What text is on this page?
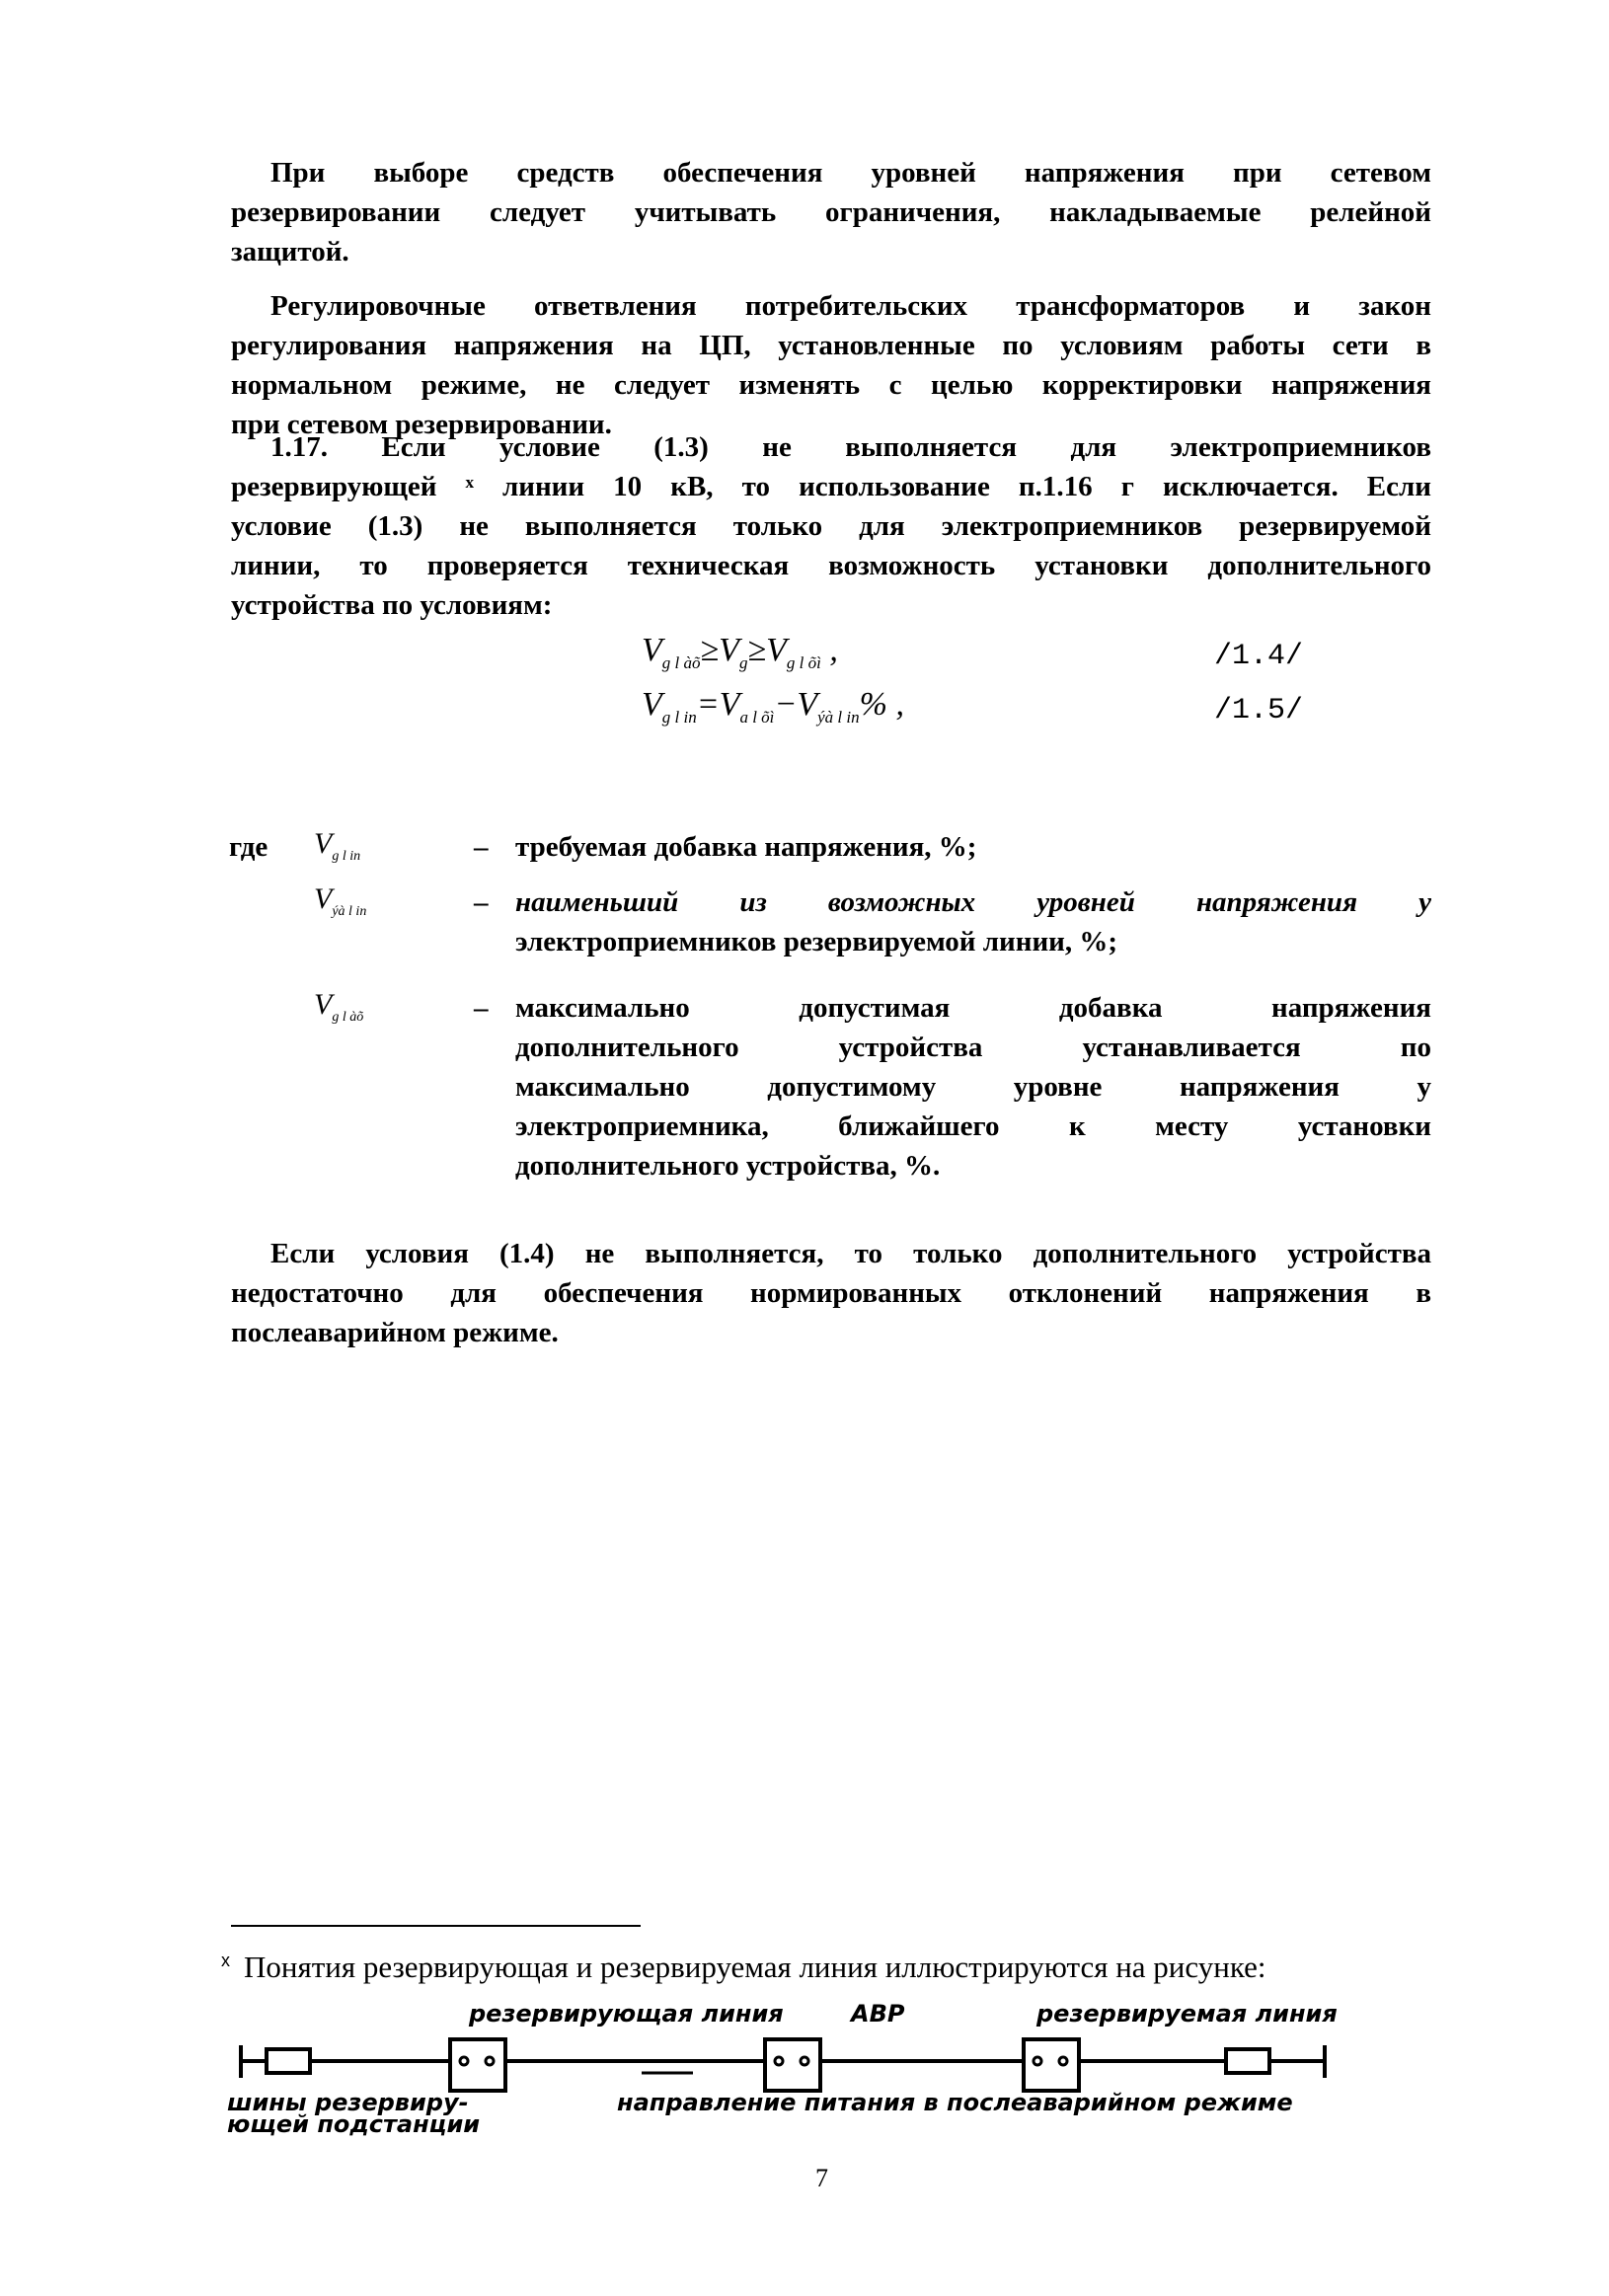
При выборе средств обеспечения уровней напряжения при сетевом
резервировании следует учитывать ограничения, накладываемые релейной
защитой.
Регулировочные ответвления потребительских трансформаторов и закон
регулирования напряжения на ЦП, установленные по условиям работы сети в
нормальном режиме, не следует изменять с целью корректировки напряжения
при сетевом резервировании.
1.17. Если условие (1.3) не выполняется для электроприемников
резервирующей ˣ линии 10 кВ, то использование п.1.16 г исключается. Если
условие (1.3) не выполняется только для электроприемников резервируемой
линии, то проверяется техническая возможность установки дополнительного
устройства по условиям:
$V_{g l àõ}\ge V_g\ge V_{g l õì}$ ,	/1.4/
$V_{g l in}=V_{a l õì}-V_{ýà l in}\%$ ,	/1.5/
где $V_{g l in}$	– требуемая добавка напряжения, %;
$V_{ýà l in}$	– наименьший из возможных уровней напряжения у
электроприемников резервируемой линии, %;
$V_{g l àõ}$	– максимально допустимая добавка напряжения
дополнительного устройства устанавливается по
максимально допустимому уровне напряжения у
электроприемника, ближайшего к месту установки
дополнительного устройства, %.
Если условия (1.4) не выполняется, то только дополнительного устройства
недостаточно для обеспечения нормированных отклонений напряжения в
послеаварийном режиме.
$^x$ Понятия резервирующая и резервируемая линия иллюстрируются на рисунке:
резервирующая линия	АВР	резервируемая линия
шины резервиру-
ющей подстанции
направление питания в послеаварийном режиме
7
